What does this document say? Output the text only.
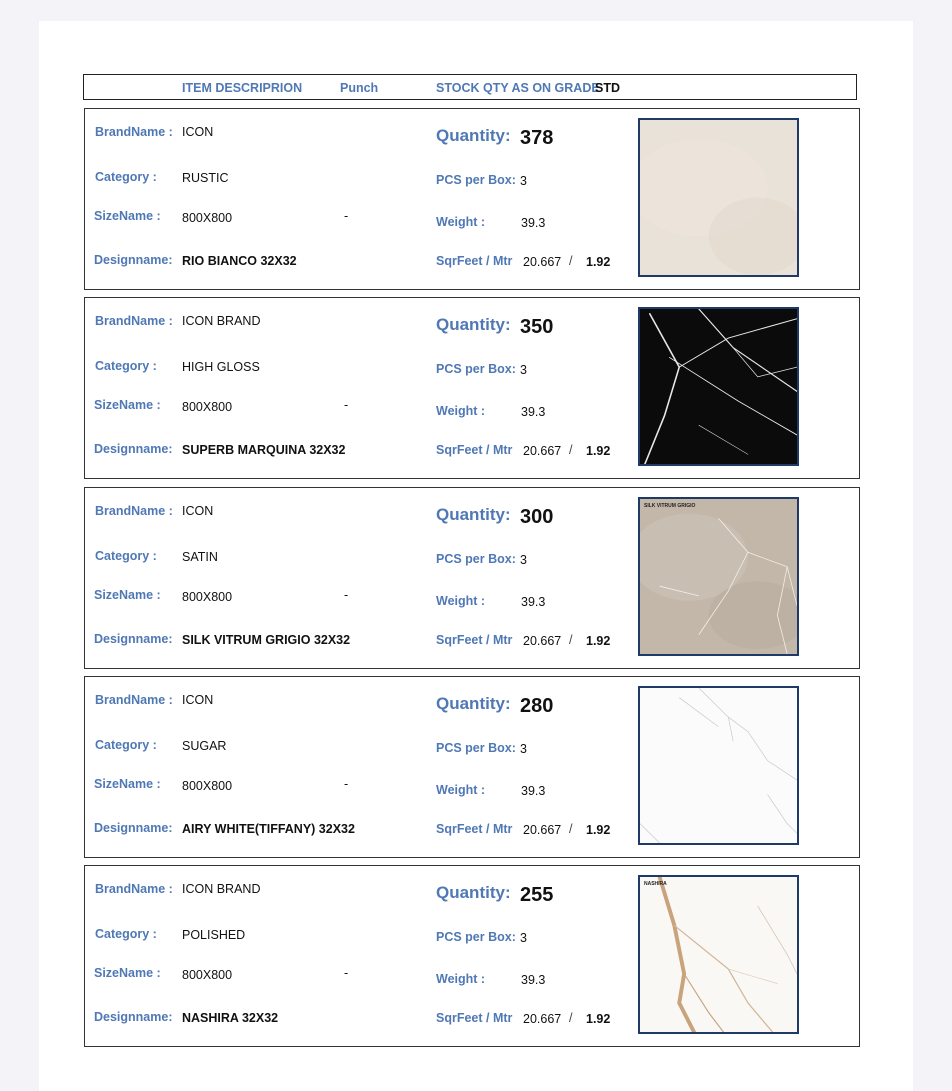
ITEM DESCRIPRION	Punch	STOCK QTY AS ON GRADE
STD
BrandName : ICON
Category : RUSTIC
SizeName : 800X800	-
Designname: RIO BIANCO 32X32
Quantity: 378
PCS per Box: 3
Weight :	39.3
SqrFeet / Mtr 20.667 / 1.92
BrandName : ICON BRAND
Category : HIGH GLOSS
SizeName : 800X800	-
Designname: SUPERB MARQUINA 32X32
Quantity: 350
PCS per Box: 3
Weight :	39.3
SqrFeet / Mtr 20.667 / 1.92
BrandName : ICON
Category : SATIN
SizeName : 800X800	-
Designname: SILK VITRUM GRIGIO 32X32
Quantity: 300
PCS per Box: 3
Weight :	39.3
SqrFeet / Mtr 20.667 / 1.92
SILK VITRUM GRIGIO
BrandName : ICON
Category : SUGAR
SizeName : 800X800	-
Designname: AIRY WHITE(TIFFANY) 32X32
Quantity: 280
PCS per Box: 3
Weight :	39.3
SqrFeet / Mtr 20.667 / 1.92
BrandName : ICON BRAND
Category : POLISHED
SizeName : 800X800	-
Designname: NASHIRA 32X32
Quantity: 255
PCS per Box: 3
Weight :	39.3
SqrFeet / Mtr 20.667 / 1.92
NASHIRA
